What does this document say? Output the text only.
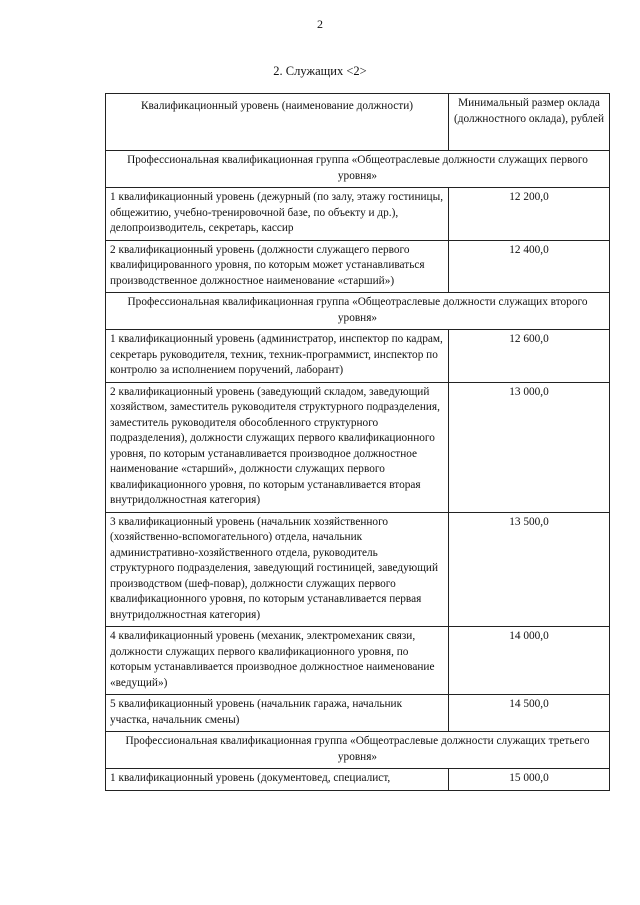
2
2. Служащих <2>
Квалификационный уровень (наименование должности)	Минимальный размер оклада (должностного оклада), рублей
Профессиональная квалификационная группа «Общеотраслевые должности служащих первого уровня»	
1 квалификационный уровень (дежурный (по залу, этажу гостиницы, общежитию, учебно-тренировочной базе, по объекту и др.), делопроизводитель, секретарь, кассир	12 200,0
2 квалификационный уровень (должности служащего первого квалифицированного уровня, по которым может устанавливаться производственное должностное наименование «старший»)	12 400,0
Профессиональная квалификационная группа «Общеотраслевые должности служащих второго уровня»	
1 квалификационный уровень (администратор, инспектор по кадрам, секретарь руководителя, техник, техник-программист, инспектор по контролю за исполнением поручений, лаборант)	12 600,0
2 квалификационный уровень (заведующий складом, заведующий хозяйством, заместитель руководителя структурного подразделения, заместитель руководителя обособленного структурного подразделения), должности служащих первого квалификационного уровня, по которым устанавливается производное должностное наименование «старший», должности служащих первого квалификационного уровня, по которым устанавливается вторая внутридолжностная категория)	13 000,0
3 квалификационный уровень (начальник хозяйственного (хозяйственно-вспомогательного) отдела, начальник административно-хозяйственного отдела, руководитель структурного подразделения, заведующий гостиницей, заведующий производством (шеф-повар), должности служащих первого квалификационного уровня, по которым устанавливается первая внутридолжностная категория)	13 500,0
4 квалификационный уровень (механик, электромеханик связи, должности служащих первого квалификационного уровня, по которым устанавливается производное должностное наименование «ведущий»)	14 000,0
5 квалификационный уровень (начальник гаража, начальник участка, начальник смены)	14 500,0
Профессиональная квалификационная группа «Общеотраслевые должности служащих третьего уровня»	
1 квалификационный уровень (документовед, специалист,	15 000,0
